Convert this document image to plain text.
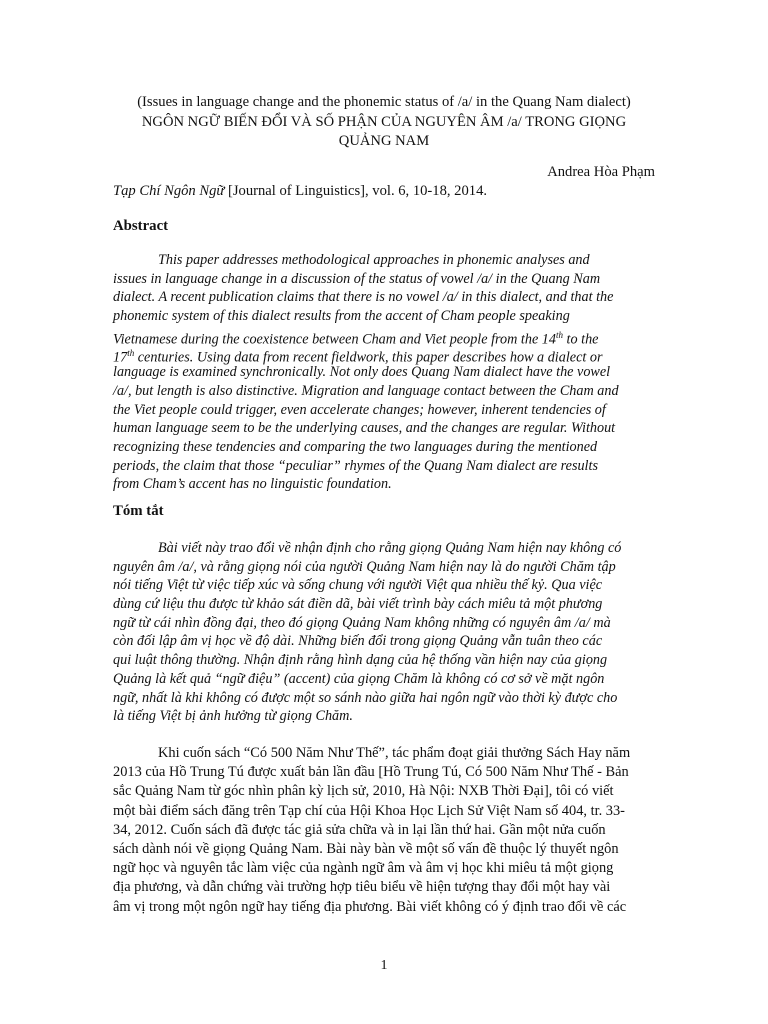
(Issues in language change and the phonemic status of /a/ in the Quang Nam dialect)
NGÔN NGỮ BIẾN ĐỔI VÀ SỐ PHẬN CỦA NGUYÊN ÂM /a/ TRONG GIỌNG
QUẢNG NAM
Andrea Hòa Phạm
Tạp Chí Ngôn Ngữ [Journal of Linguistics], vol. 6, 10-18, 2014.
Abstract
This paper addresses methodological approaches in phonemic analyses and
issues in language change in a discussion of the status of vowel /a/ in the Quang Nam
dialect. A recent publication claims that there is no vowel /a/ in this dialect, and that the
phonemic system of this dialect results from the accent of Cham people speaking
Vietnamese during the coexistence between Cham and Viet people from the 14th to the
17th centuries. Using data from recent fieldwork, this paper describes how a dialect or
language is examined synchronically. Not only does Quang Nam dialect have the vowel
/a/, but length is also distinctive. Migration and language contact between the Cham and
the Viet people could trigger, even accelerate changes; however, inherent tendencies of
human language seem to be the underlying causes, and the changes are regular. Without
recognizing these tendencies and comparing the two languages during the mentioned
periods, the claim that those “peculiar” rhymes of the Quang Nam dialect are results
from Cham’s accent has no linguistic foundation.
Tóm tắt
Bài viết này trao đổi về nhận định cho rằng giọng Quảng Nam hiện nay không có
nguyên âm /a/, và rằng giọng nói của người Quảng Nam hiện nay là do người Chăm tập
nói tiếng Việt từ việc tiếp xúc và sống chung với người Việt qua nhiều thế kỷ. Qua việc
dùng cứ liệu thu được từ khảo sát điền dã, bài viết trình bày cách miêu tả một phương
ngữ từ cái nhìn đồng đại, theo đó giọng Quảng Nam không những có nguyên âm /a/ mà
còn đối lập âm vị học về độ dài. Những biến đổi trong giọng Quảng vẫn tuân theo các
qui luật thông thường. Nhận định rằng hình dạng của hệ thống vần hiện nay của giọng
Quảng là kết quả “ngữ điệu” (accent) của giọng Chăm là không có cơ sở về mặt ngôn
ngữ, nhất là khi không có được một so sánh nào giữa hai ngôn ngữ vào thời kỳ được cho
là tiếng Việt bị ảnh hưởng từ giọng Chăm.
Khi cuốn sách “Có 500 Năm Như Thế”, tác phẩm đoạt giải thưởng Sách Hay năm
2013 của Hồ Trung Tú được xuất bản lần đầu [Hồ Trung Tú, Có 500 Năm Như Thế - Bản
sắc Quảng Nam từ góc nhìn phân kỳ lịch sử, 2010, Hà Nội: NXB Thời Đại], tôi có viết
một bài điểm sách đăng trên Tạp chí của Hội Khoa Học Lịch Sử Việt Nam số 404, tr. 33-
34, 2012. Cuốn sách đã được tác giả sửa chữa và in lại lần thứ hai. Gần một nửa cuốn
sách dành nói về giọng Quảng Nam. Bài này bàn về một số vấn đề thuộc lý thuyết ngôn
ngữ học và nguyên tắc làm việc của ngành ngữ âm và âm vị học khi miêu tả một giọng
địa phương, và dẫn chứng vài trường hợp tiêu biểu về hiện tượng thay đổi một hay vài
âm vị trong một ngôn ngữ hay tiếng địa phương. Bài viết không có ý định trao đổi về các
1
